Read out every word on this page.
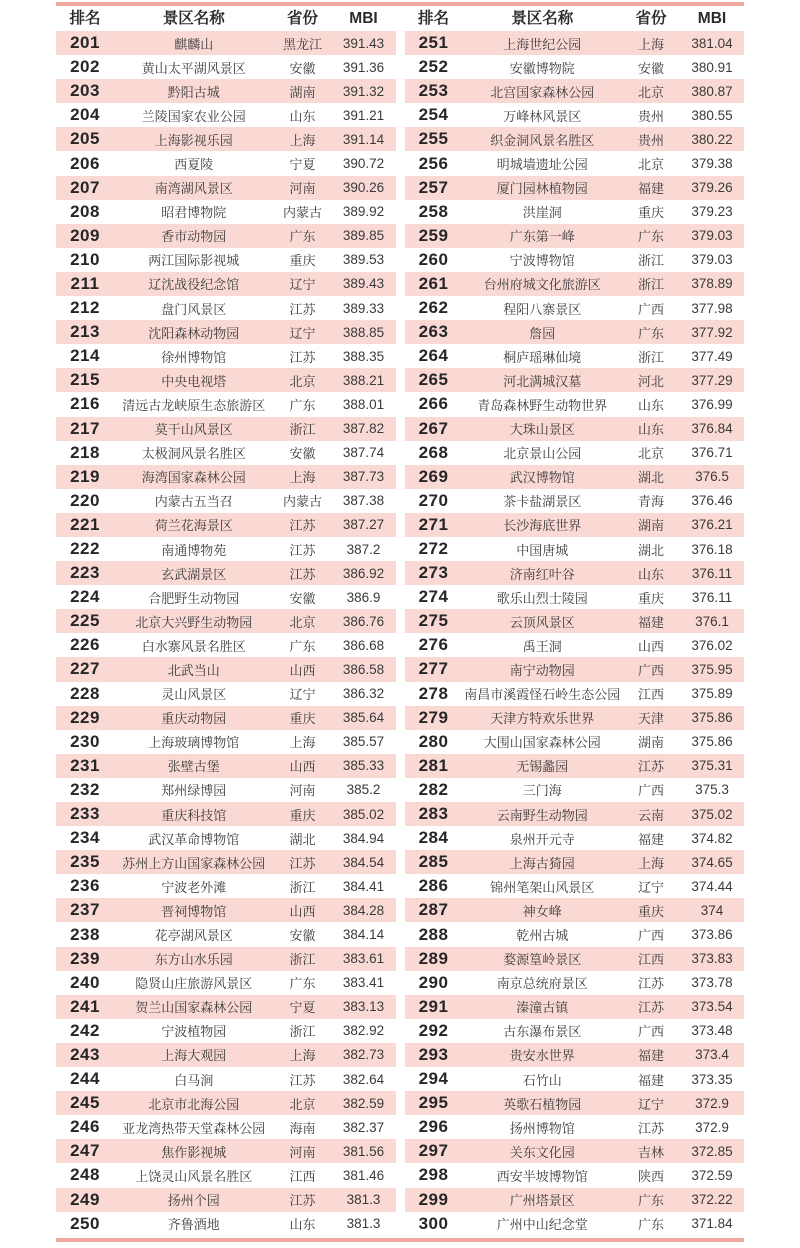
排名	景区名称	省份	MBI
201	麒麟山	黑龙江	391.43
202	黄山太平湖风景区	安徽	391.36
203	黔阳古城	湖南	391.32
204	兰陵国家农业公园	山东	391.21
205	上海影视乐园	上海	391.14
206	西夏陵	宁夏	390.72
207	南湾湖风景区	河南	390.26
208	昭君博物院	内蒙古	389.92
209	香市动物园	广东	389.85
210	两江国际影视城	重庆	389.53
211	辽沈战役纪念馆	辽宁	389.43
212	盘门风景区	江苏	389.33
213	沈阳森林动物园	辽宁	388.85
214	徐州博物馆	江苏	388.35
215	中央电视塔	北京	388.21
216	清远古龙峡原生态旅游区	广东	388.01
217	莫干山风景区	浙江	387.82
218	太极洞风景名胜区	安徽	387.74
219	海湾国家森林公园	上海	387.73
220	内蒙古五当召	内蒙古	387.38
221	荷兰花海景区	江苏	387.27
222	南通博物苑	江苏	387.2
223	玄武湖景区	江苏	386.92
224	合肥野生动物园	安徽	386.9
225	北京大兴野生动物园	北京	386.76
226	白水寨风景名胜区	广东	386.68
227	北武当山	山西	386.58
228	灵山风景区	辽宁	386.32
229	重庆动物园	重庆	385.64
230	上海玻璃博物馆	上海	385.57
231	张壁古堡	山西	385.33
232	郑州绿博园	河南	385.2
233	重庆科技馆	重庆	385.02
234	武汉革命博物馆	湖北	384.94
235	苏州上方山国家森林公园	江苏	384.54
236	宁波老外滩	浙江	384.41
237	晋祠博物馆	山西	384.28
238	花亭湖风景区	安徽	384.14
239	东方山水乐园	浙江	383.61
240	隐贤山庄旅游风景区	广东	383.41
241	贺兰山国家森林公园	宁夏	383.13
242	宁波植物园	浙江	382.92
243	上海大观园	上海	382.73
244	白马涧	江苏	382.64
245	北京市北海公园	北京	382.59
246	亚龙湾热带天堂森林公园	海南	382.37
247	焦作影视城	河南	381.56
248	上饶灵山风景名胜区	江西	381.46
249	扬州个园	江苏	381.3
250	齐鲁酒地	山东	381.3
排名	景区名称	省份	MBI
251	上海世纪公园	上海	381.04
252	安徽博物院	安徽	380.91
253	北宫国家森林公园	北京	380.87
254	万峰林风景区	贵州	380.55
255	织金洞风景名胜区	贵州	380.22
256	明城墙遗址公园	北京	379.38
257	厦门园林植物园	福建	379.26
258	洪崖洞	重庆	379.23
259	广东第一峰	广东	379.03
260	宁波博物馆	浙江	379.03
261	台州府城文化旅游区	浙江	378.89
262	程阳八寨景区	广西	377.98
263	詹园	广东	377.92
264	桐庐瑶琳仙境	浙江	377.49
265	河北满城汉墓	河北	377.29
266	青岛森林野生动物世界	山东	376.99
267	大珠山景区	山东	376.84
268	北京景山公园	北京	376.71
269	武汉博物馆	湖北	376.5
270	茶卡盐湖景区	青海	376.46
271	长沙海底世界	湖南	376.21
272	中国唐城	湖北	376.18
273	济南红叶谷	山东	376.11
274	歌乐山烈士陵园	重庆	376.11
275	云顶风景区	福建	376.1
276	禹王洞	山西	376.02
277	南宁动物园	广西	375.95
278	南昌市溪霞怪石岭生态公园	江西	375.89
279	天津方特欢乐世界	天津	375.86
280	大围山国家森林公园	湖南	375.86
281	无锡蠡园	江苏	375.31
282	三门海	广西	375.3
283	云南野生动物园	云南	375.02
284	泉州开元寺	福建	374.82
285	上海古猗园	上海	374.65
286	锦州笔架山风景区	辽宁	374.44
287	神女峰	重庆	374
288	乾州古城	广西	373.86
289	婺源篁岭景区	江西	373.83
290	南京总统府景区	江苏	373.78
291	溱潼古镇	江苏	373.54
292	古东瀑布景区	广西	373.48
293	贵安水世界	福建	373.4
294	石竹山	福建	373.35
295	英歌石植物园	辽宁	372.9
296	扬州博物馆	江苏	372.9
297	关东文化园	吉林	372.85
298	西安半坡博物馆	陕西	372.59
299	广州塔景区	广东	372.22
300	广州中山纪念堂	广东	371.84
